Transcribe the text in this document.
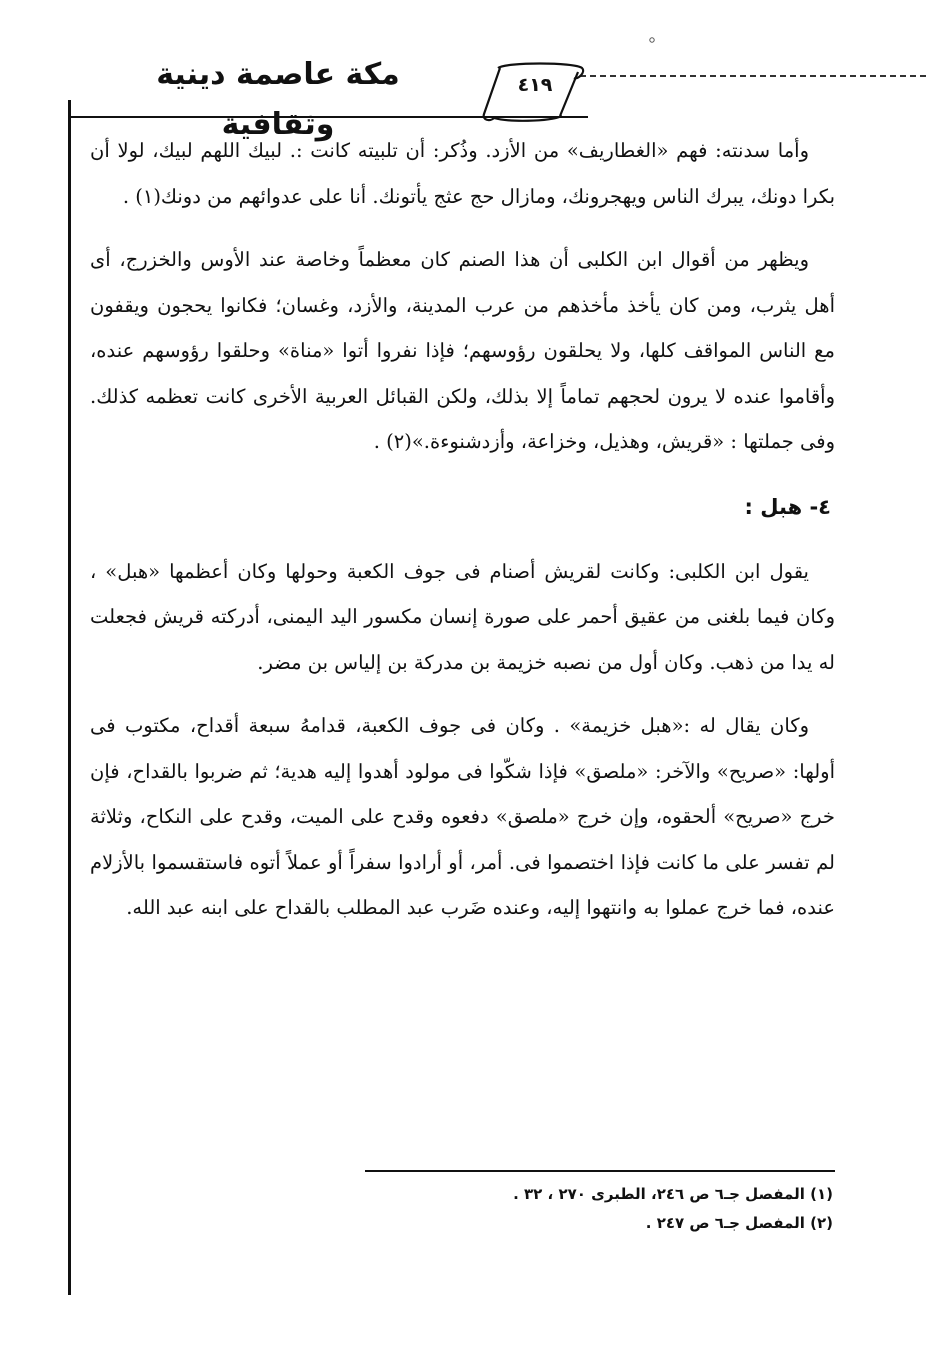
مكة عاصمة دينية وثقافية
٤١٩

وأما سدنته: فهم «الغطاريف» من الأزد. وذُكر: أن تلبيته كانت :. لبيك اللهم لبيك، لولا أن بكرا دونك، يبرك الناس ويهجرونك، ومازال حج عثج يأتونك. أنا على عدوائهم من دونك(١) .

ويظهر من أقوال ابن الكلبى أن هذا الصنم كان معظماً وخاصة عند الأوس والخزرج، أى أهل يثرب، ومن كان يأخذ مأخذهم من عرب المدينة، والأزد، وغسان؛ فكانوا يحجون ويقفون مع الناس المواقف كلها، ولا يحلقون رؤوسهم؛ فإذا نفروا أتوا «مناة» وحلقوا رؤوسهم عنده، وأقاموا عنده لا يرون لحجهم تماماً إلا بذلك، ولكن القبائل العربية الأخرى كانت تعظمه كذلك. وفى جملتها : «قريش، وهذيل، وخزاعة، وأزدشنوءة.»(٢) .

٤- هبل :

يقول ابن الكلبى: وكانت لقريش أصنام فى جوف الكعبة وحولها وكان أعظمها «هبل» ، وكان فيما بلغنى من عقيق أحمر على صورة إنسان مكسور اليد اليمنى، أدركته قريش فجعلت له يدا من ذهب. وكان أول من نصبه خزيمة بن مدركة بن إلياس بن مضر.

وكان يقال له :«هبل خزيمة» . وكان فى جوف الكعبة، قدامهُ سبعة أقداح، مكتوب فى أولها: «صريح» والآخر: «ملصق» فإذا شكّوا فى مولود أهدوا إليه هدية؛ ثم ضربوا بالقداح، فإن خرج «صريح» ألحقوه، وإن خرج «ملصق» دفعوه وقدح على الميت، وقدح على النكاح، وثلاثة لم تفسر على ما كانت فإذا اختصموا فى. أمر، أو أرادوا سفراً أو عملاً أتوه فاستقسموا بالأزلام عنده، فما خرج عملوا به وانتهوا إليه، وعنده ضَرب عبد المطلب بالقداح على ابنه عبد الله.

(١) المفصل جـ٦ ص ٢٤٦، الطبرى ٢٧٠ ، ٣٢ .

(٢) المفصل جـ٦ ص ٢٤٧ .
